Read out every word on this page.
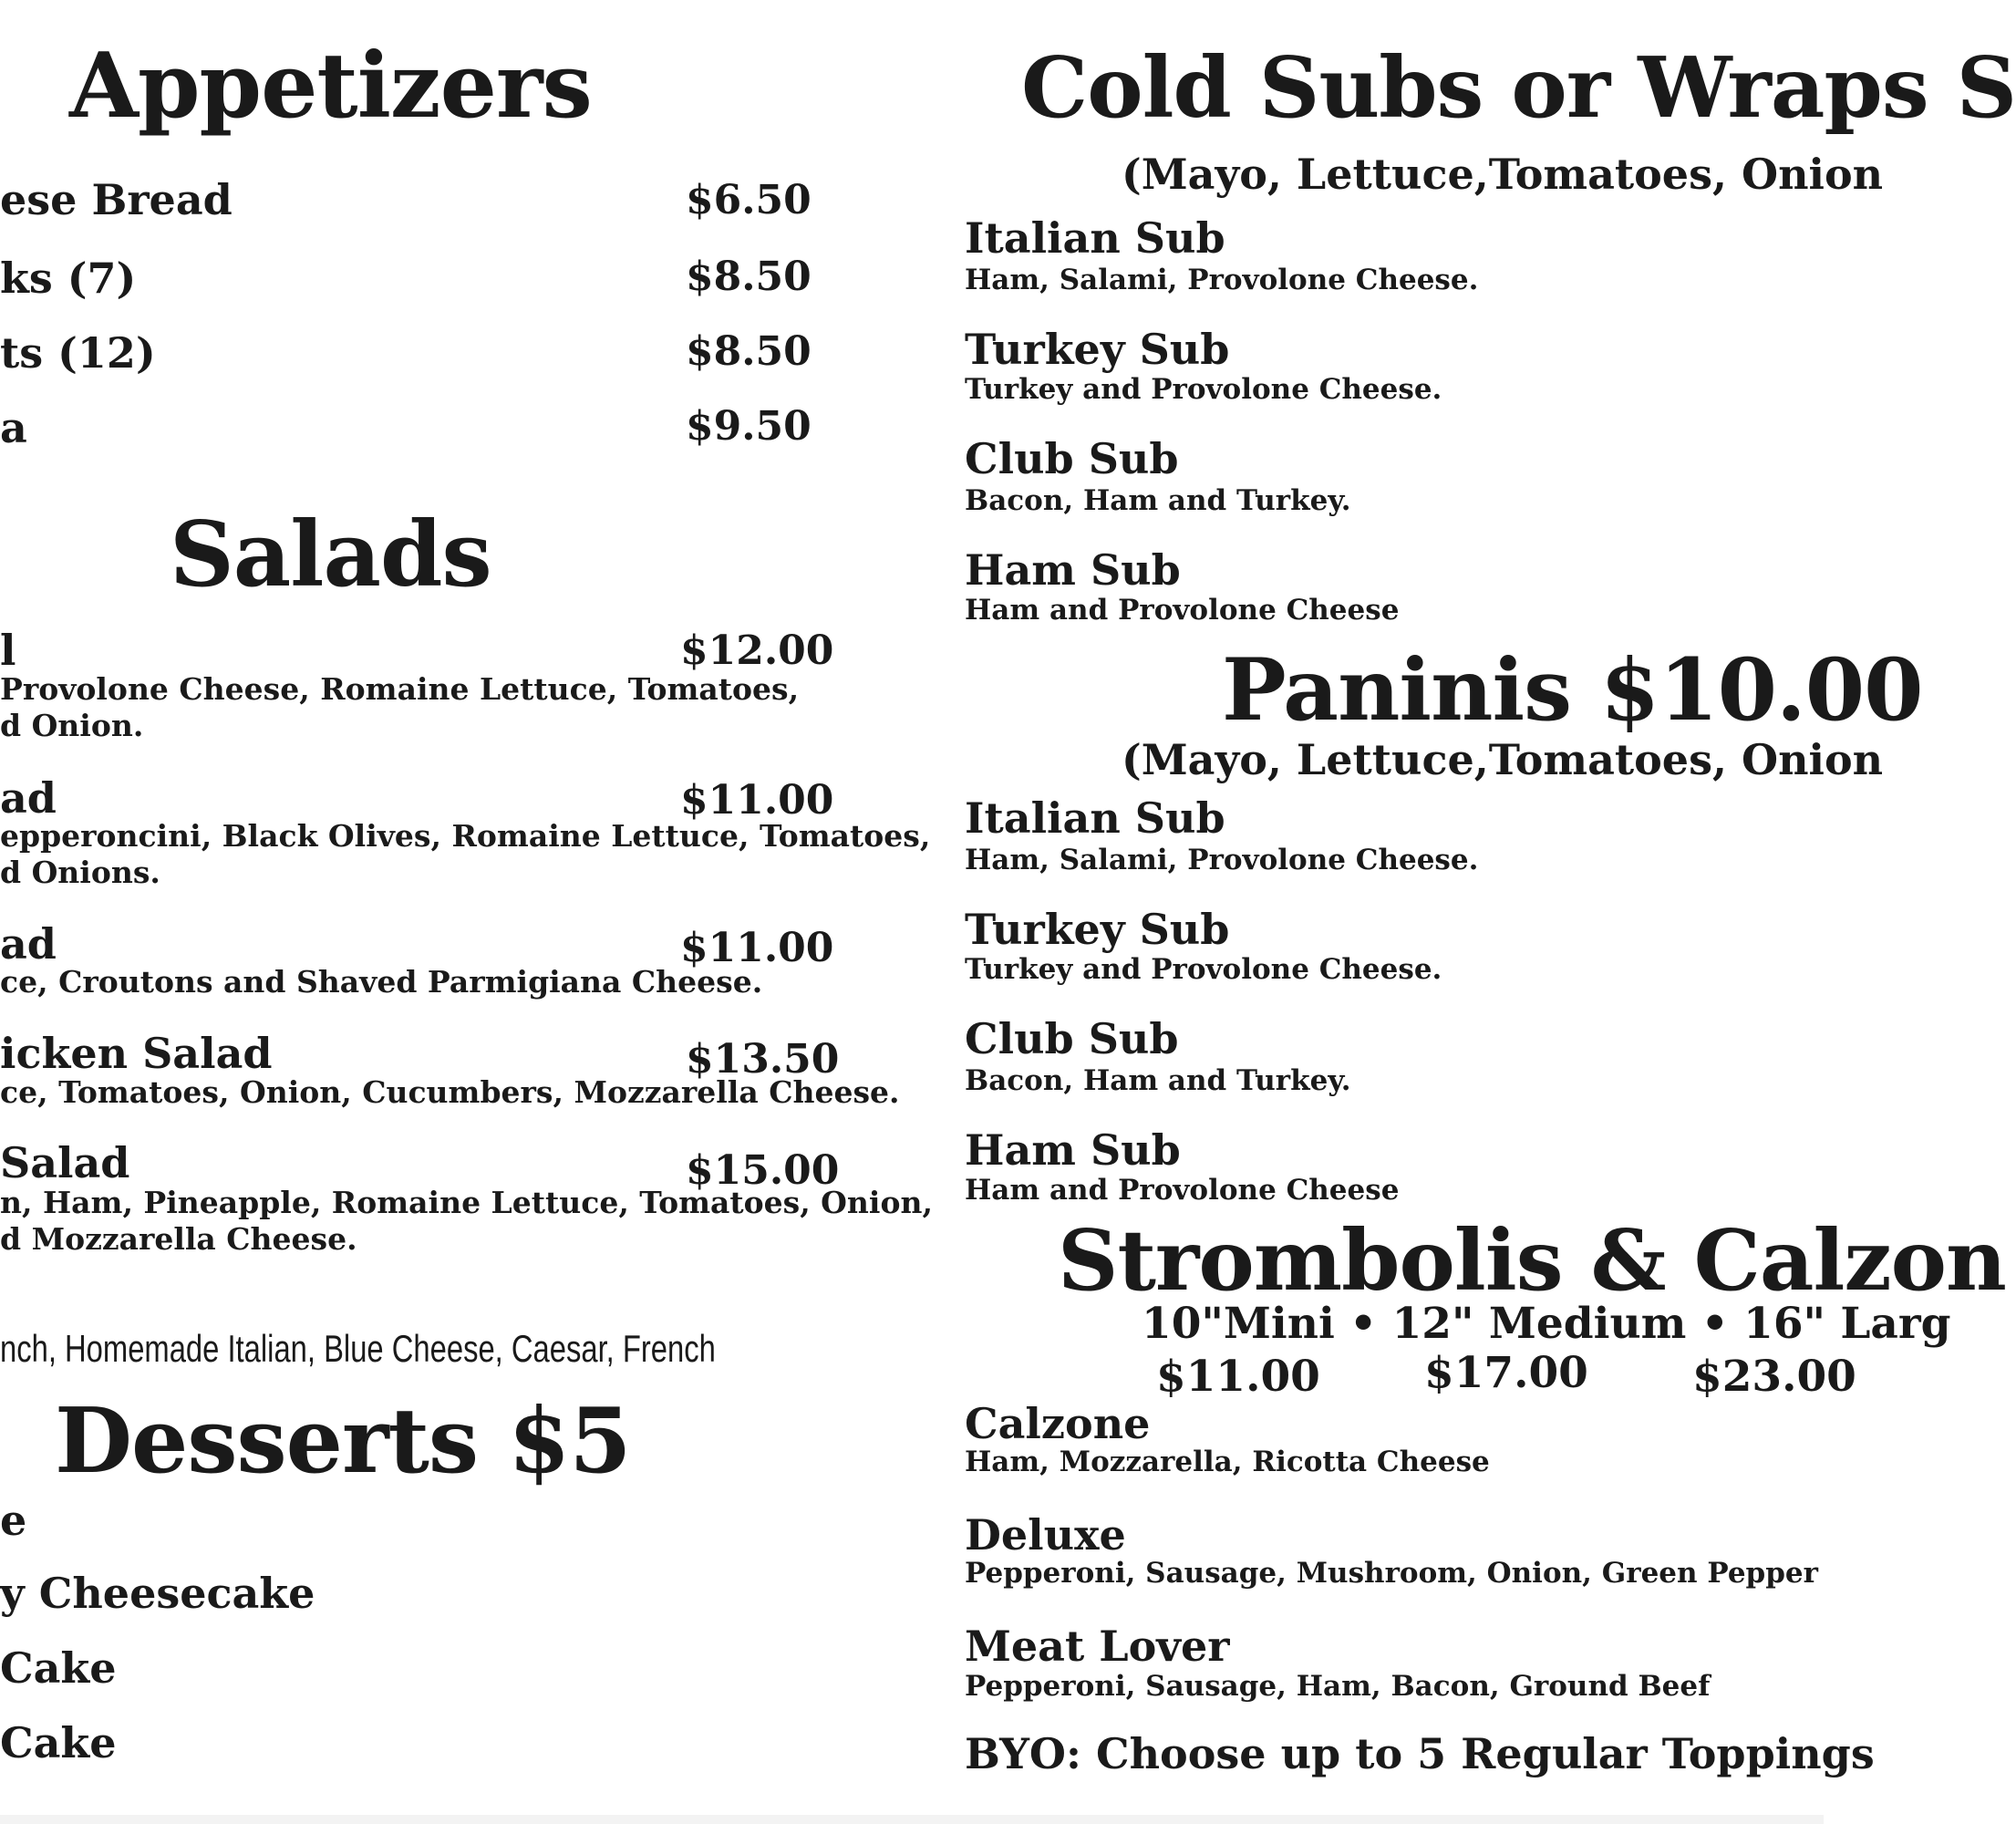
Appetizers
ese Bread	$6.50
ks (7)	$8.50
ts (12)	$8.50
a	$9.50
Salads
l	$12.00
Provolone Cheese, Romaine Lettuce, Tomatoes,
d Onion.
ad	$11.00
epperoncini, Black Olives, Romaine Lettuce, Tomatoes,
d Onions.
ad	$11.00
ce, Croutons and Shaved Parmigiana Cheese.
icken Salad	$13.50
ce, Tomatoes, Onion, Cucumbers, Mozzarella Cheese.
Salad	$15.00
n, Ham, Pineapple, Romaine Lettuce, Tomatoes, Onion,
d Mozzarella Cheese.
nch, Homemade Italian, Blue Cheese, Caesar, French
Desserts $5
e
y Cheesecake
Cake
Cake
Cold Subs or Wraps S
(Mayo, Lettuce,Tomatoes, Onion
Italian Sub
Ham, Salami, Provolone Cheese.
Turkey Sub
Turkey and Provolone Cheese.
Club Sub
Bacon, Ham and Turkey.
Ham Sub
Ham and Provolone Cheese
Paninis $10.00
(Mayo, Lettuce,Tomatoes, Onion
Italian Sub
Ham, Salami, Provolone Cheese.
Turkey Sub
Turkey and Provolone Cheese.
Club Sub
Bacon, Ham and Turkey.
Ham Sub
Ham and Provolone Cheese
Strombolis & Calzon
10"Mini • 12" Medium • 16" Larg
$11.00 $17.00 $23.00
Calzone
Ham, Mozzarella, Ricotta Cheese
Deluxe
Pepperoni, Sausage, Mushroom, Onion, Green Pepper
Meat Lover
Pepperoni, Sausage, Ham, Bacon, Ground Beef
BYO: Choose up to 5 Regular Toppings
